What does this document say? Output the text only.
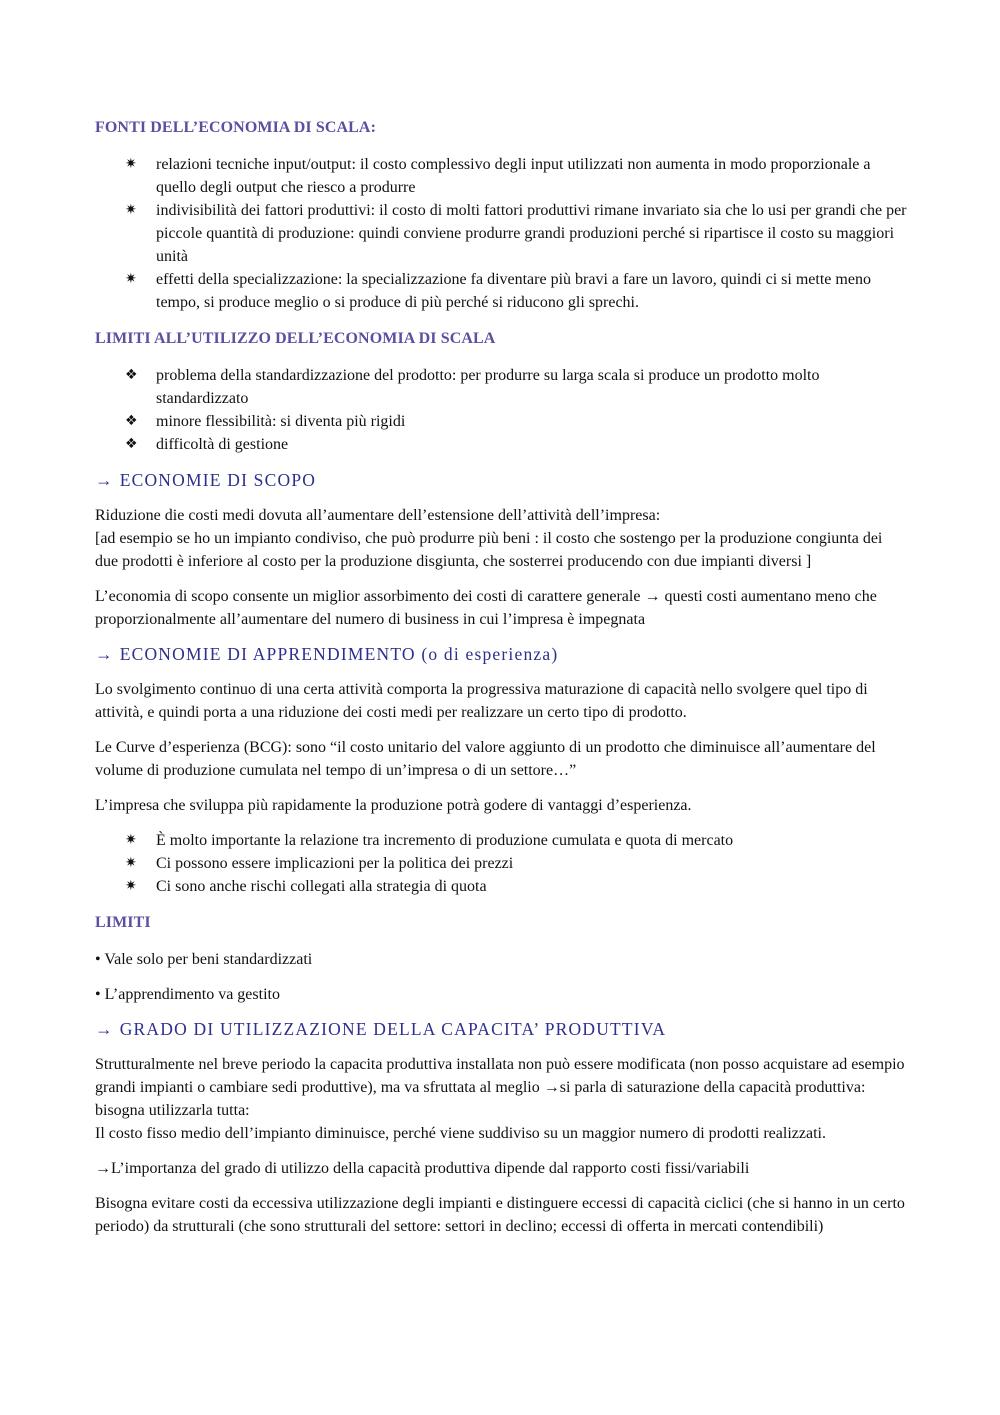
FONTI DELL’ECONOMIA DI SCALA:
✷ relazioni tecniche input/output: il costo complessivo degli input utilizzati non aumenta in modo proporzionale a quello degli output che riesco a produrre
✷ indivisibilità dei fattori produttivi: il costo di molti fattori produttivi rimane invariato sia che lo usi per grandi che per piccole quantità di produzione: quindi conviene produrre grandi produzioni perché si ripartisce il costo su maggiori unità
✷ effetti della specializzazione: la specializzazione fa diventare più bravi a fare un lavoro, quindi ci si mette meno tempo, si produce meglio o si produce di più perché si riducono gli sprechi.
LIMITI ALL’UTILIZZO DELL’ECONOMIA DI SCALA
❖ problema della standardizzazione del prodotto: per produrre su larga scala si produce un prodotto molto standardizzato
❖ minore flessibilità: si diventa più rigidi
❖ difficoltà di gestione
→ ECONOMIE DI SCOPO

Riduzione die costi medi dovuta all’aumentare dell’estensione dell’attività dell’impresa:
[ad esempio se ho un impianto condiviso, che può produrre più beni : il costo che sostengo per la produzione congiunta dei due prodotti è inferiore al costo per la produzione disgiunta, che sosterrei producendo con due impianti diversi ]

L’economia di scopo consente un miglior assorbimento dei costi di carattere generale → questi costi aumentano meno che proporzionalmente all’aumentare del numero di business in cui l’impresa è impegnata

→ ECONOMIE DI APPRENDIMENTO (o di esperienza)

Lo svolgimento continuo di una certa attività comporta la progressiva maturazione di capacità nello svolgere quel tipo di attività, e quindi porta a una riduzione dei costi medi per realizzare un certo tipo di prodotto.

Le Curve d’esperienza (BCG): sono “il costo unitario del valore aggiunto di un prodotto che diminuisce all’aumentare del volume di produzione cumulata nel tempo di un’impresa o di un settore…”

L’impresa che sviluppa più rapidamente la produzione potrà godere di vantaggi d’esperienza.

✷ È molto importante la relazione tra incremento di produzione cumulata e quota di mercato
✷ Ci possono essere implicazioni per la politica dei prezzi
✷ Ci sono anche rischi collegati alla strategia di quota
LIMITI

• Vale solo per beni standardizzati

• L’apprendimento va gestito

→ GRADO DI UTILIZZAZIONE DELLA CAPACITA’ PRODUTTIVA

Strutturalmente nel breve periodo la capacita produttiva installata non può essere modificata (non posso acquistare ad esempio grandi impianti o cambiare sedi produttive), ma va sfruttata al meglio →si parla di saturazione della capacità produttiva: bisogna utilizzarla tutta:
Il costo fisso medio dell’impianto diminuisce, perché viene suddiviso su un maggior numero di prodotti realizzati.

→L’importanza del grado di utilizzo della capacità produttiva dipende dal rapporto costi fissi/variabili

Bisogna evitare costi da eccessiva utilizzazione degli impianti e distinguere eccessi di capacità ciclici (che si hanno in un certo periodo) da strutturali (che sono strutturali del settore: settori in declino; eccessi di offerta in mercati contendibili)
